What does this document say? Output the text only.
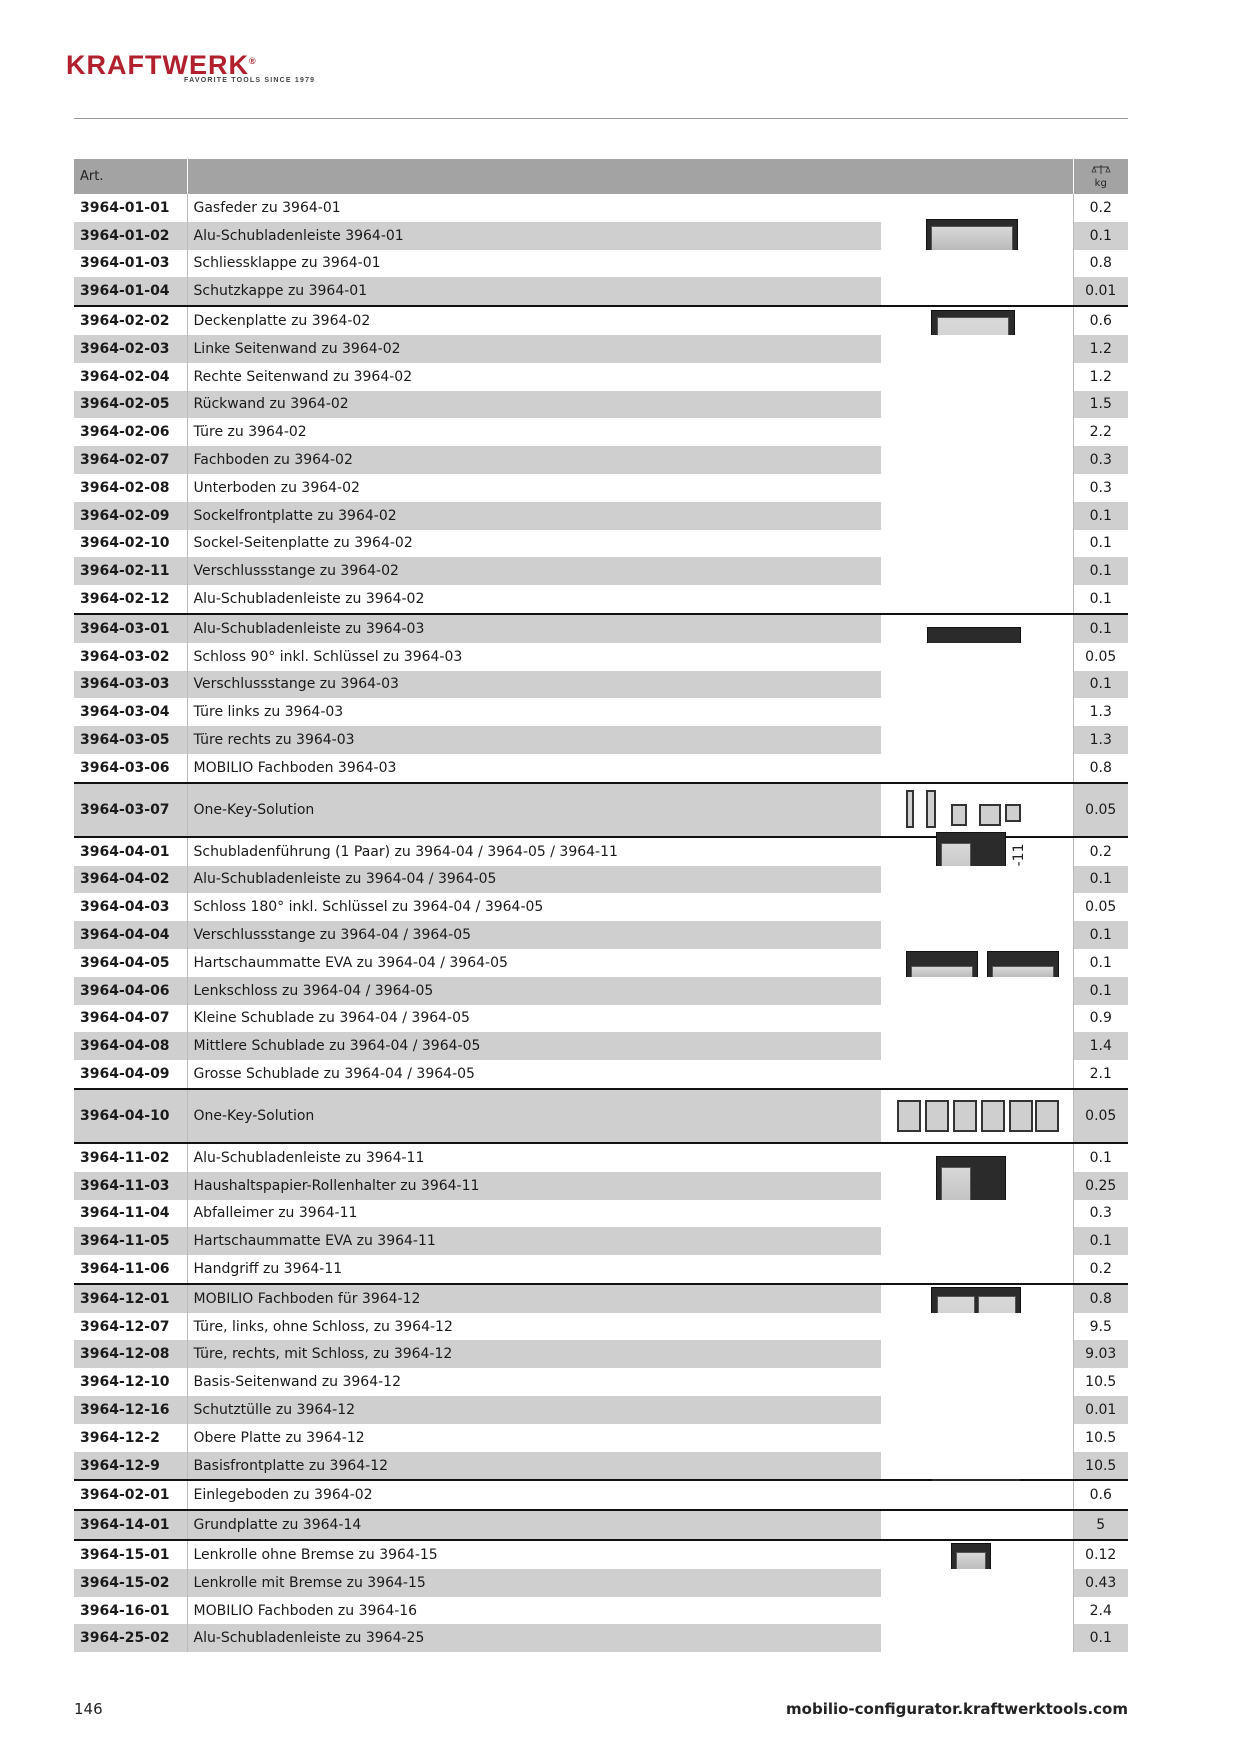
KRAFTWERK®
FAVORITE TOOLS SINCE 1979
Art.			kg
3964-01-01	Gasfeder zu 3964-01		0.2
3964-01-02	Alu-Schubladenleiste 3964-01		0.1
3964-01-03	Schliessklappe zu 3964-01		0.8
3964-01-04	Schutzkappe zu 3964-01		0.01
3964-02-02	Deckenplatte zu 3964-02		0.6
3964-02-03	Linke Seitenwand zu 3964-02		1.2
3964-02-04	Rechte Seitenwand zu 3964-02		1.2
3964-02-05	Rückwand zu 3964-02		1.5
3964-02-06	Türe zu 3964-02		2.2
3964-02-07	Fachboden zu 3964-02		0.3
3964-02-08	Unterboden zu 3964-02		0.3
3964-02-09	Sockelfrontplatte zu 3964-02		0.1
3964-02-10	Sockel-Seitenplatte zu 3964-02		0.1
3964-02-11	Verschlussstange zu 3964-02		0.1
3964-02-12	Alu-Schubladenleiste zu 3964-02		0.1
3964-03-01	Alu-Schubladenleiste zu 3964-03		0.1
3964-03-02	Schloss 90° inkl. Schlüssel zu 3964-03		0.05
3964-03-03	Verschlussstange zu 3964-03		0.1
3964-03-04	Türe links zu 3964-03		1.3
3964-03-05	Türe rechts zu 3964-03		1.3
3964-03-06	MOBILIO Fachboden 3964-03		0.8
3964-03-07	One-Key-Solution		0.05
3964-04-01	Schubladenführung (1 Paar) zu 3964-04 / 3964-05 / 3964-11		0.2
3964-04-02	Alu-Schubladenleiste zu 3964-04 / 3964-05		0.1
3964-04-03	Schloss 180° inkl. Schlüssel zu 3964-04 / 3964-05		0.05
3964-04-04	Verschlussstange zu 3964-04 / 3964-05		0.1
3964-04-05	Hartschaummatte EVA zu 3964-04 / 3964-05		0.1
3964-04-06	Lenkschloss zu 3964-04 / 3964-05		0.1
3964-04-07	Kleine Schublade zu 3964-04 / 3964-05		0.9
3964-04-08	Mittlere Schublade zu 3964-04 / 3964-05		1.4
3964-04-09	Grosse Schublade zu 3964-04 / 3964-05		2.1
3964-04-10	One-Key-Solution		0.05
3964-11-02	Alu-Schubladenleiste zu 3964-11		0.1
3964-11-03	Haushaltspapier-Rollenhalter zu 3964-11		0.25
3964-11-04	Abfalleimer zu 3964-11		0.3
3964-11-05	Hartschaummatte EVA zu 3964-11		0.1
3964-11-06	Handgriff zu 3964-11		0.2
3964-12-01	MOBILIO Fachboden für 3964-12		0.8
3964-12-07	Türe, links, ohne Schloss, zu 3964-12		9.5
3964-12-08	Türe, rechts, mit Schloss, zu 3964-12		9.03
3964-12-10	Basis-Seitenwand zu 3964-12		10.5
3964-12-16	Schutztülle zu 3964-12		0.01
3964-12-2	Obere Platte zu 3964-12		10.5
3964-12-9	Basisfrontplatte zu 3964-12		10.5
3964-02-01	Einlegeboden zu 3964-02		0.6
3964-14-01	Grundplatte zu 3964-14		5
3964-15-01	Lenkrolle ohne Bremse zu 3964-15		0.12
3964-15-02	Lenkrolle mit Bremse zu 3964-15		0.43
3964-16-01	MOBILIO Fachboden zu 3964-16		2.4
3964-25-02	Alu-Schubladenleiste zu 3964-25		0.1
146	mobilio-configurator.kraftwerktools.com
